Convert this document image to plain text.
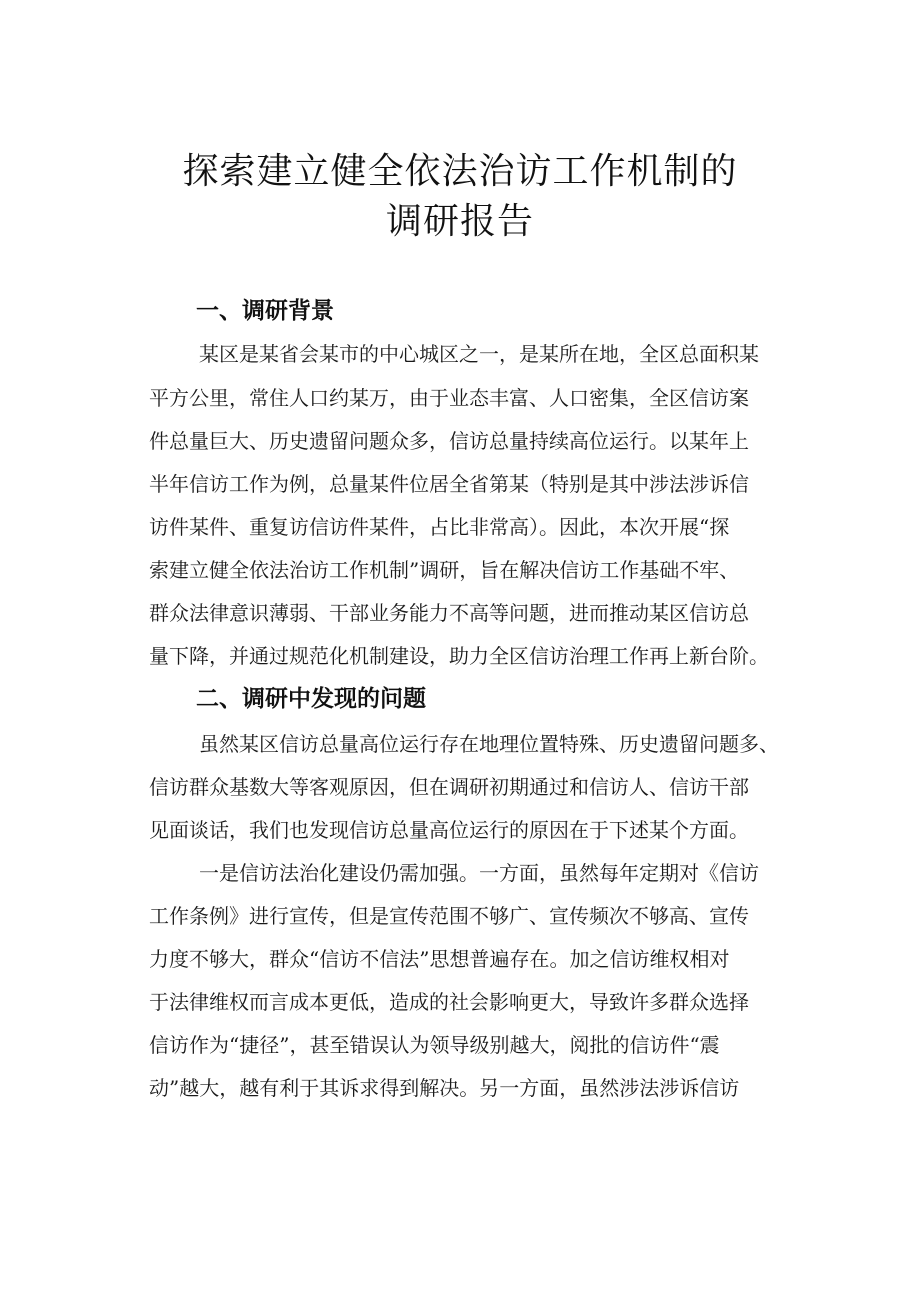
探索建立健全依法治访工作机制的
调研报告
一、调研背景
某区是某省会某市的中心城区之一，是某所在地，全区总面积某
平方公里，常住人口约某万，由于业态丰富、人口密集，全区信访案
件总量巨大、历史遗留问题众多，信访总量持续高位运行。以某年上
半年信访工作为例，总量某件位居全省第某（特别是其中涉法涉诉信
访件某件、重复访信访件某件，占比非常高）。因此，本次开展“探
索建立健全依法治访工作机制”调研，旨在解决信访工作基础不牢、
群众法律意识薄弱、干部业务能力不高等问题，进而推动某区信访总
量下降，并通过规范化机制建设，助力全区信访治理工作再上新台阶。
二、调研中发现的问题
虽然某区信访总量高位运行存在地理位置特殊、历史遗留问题多、
信访群众基数大等客观原因，但在调研初期通过和信访人、信访干部
见面谈话，我们也发现信访总量高位运行的原因在于下述某个方面。
一是信访法治化建设仍需加强。一方面，虽然每年定期对《信访
工作条例》进行宣传，但是宣传范围不够广、宣传频次不够高、宣传
力度不够大，群众“信访不信法”思想普遍存在。加之信访维权相对
于法律维权而言成本更低，造成的社会影响更大，导致许多群众选择
信访作为“捷径”，甚至错误认为领导级别越大，阅批的信访件“震
动”越大，越有利于其诉求得到解决。另一方面，虽然涉法涉诉信访
